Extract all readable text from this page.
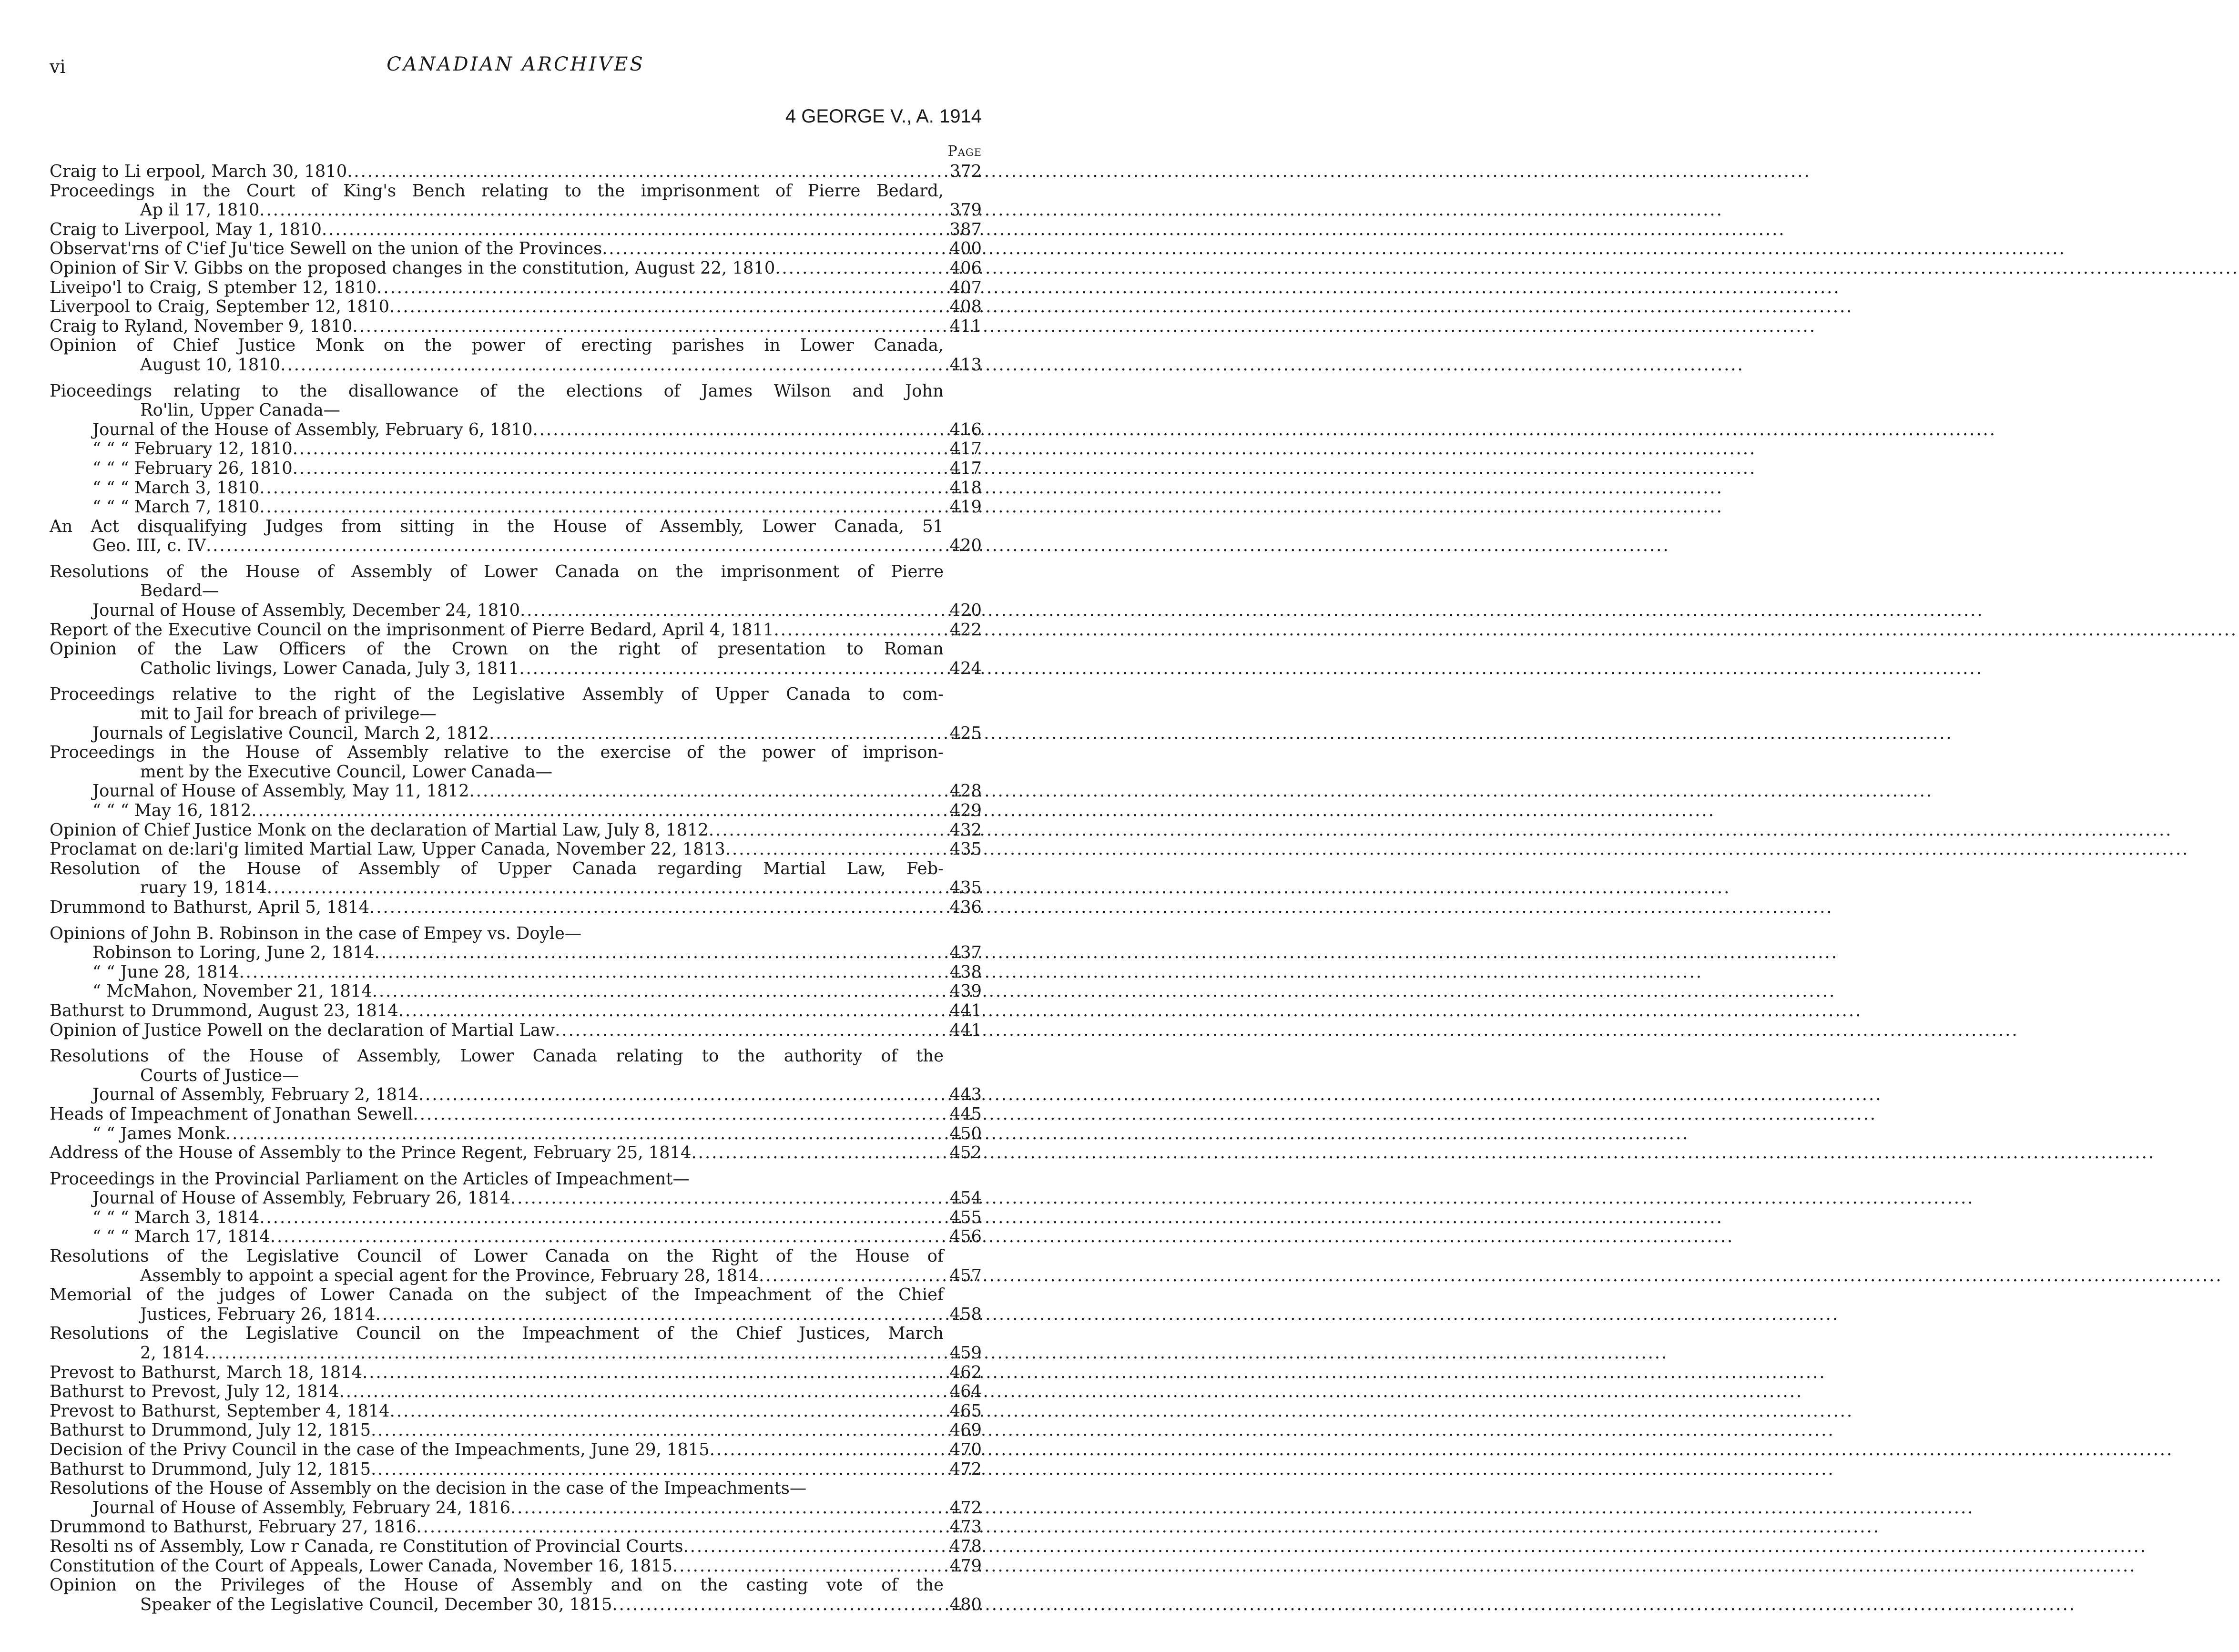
vi	CANADIAN ARCHIVES
4 GEORGE V., A. 1914
Page
Craig to Li erpool, March 30, 1810 .....	372
Proceedings in the Court of King's Bench relating to the imprisonment of Pierre Bedard,
Ap il 17, 1810 .....	379
Craig to Liverpool, May 1, 1810 .....	387
Observat'rns of C'ief Ju'tice Sewell on the union of the Provinces .....	400
Opinion of Sir V. Gibbs on the proposed changes in the constitution, August 22, 1810 .....	406
Liveipo'l to Craig, S ptember 12, 1810 .....	407
Liverpool to Craig, September 12, 1810 .....	408
Craig to Ryland, November 9, 1810 .....	411
Opinion of Chief Justice Monk on the power of erecting parishes in Lower Canada,
August 10, 1810 .....	413
Pioceedings relating to the disallowance of the elections of James Wilson and John
Ro'lin, Upper Canada—
Journal of the House of Assembly, February 6, 1810 .....	416
“ “ “ February 12, 1810 .....	417
“ “ “ February 26, 1810 .....	417
“ “ “ March 3, 1810 .....	418
“ “ “ March 7, 1810 .....	419
An Act disqualifying Judges from sitting in the House of Assembly, Lower Canada, 51
Geo. III, c. IV .....	420
Resolutions of the House of Assembly of Lower Canada on the imprisonment of Pierre
Bedard—
Journal of House of Assembly, December 24, 1810 .....	420
Report of the Executive Council on the imprisonment of Pierre Bedard, April 4, 1811 .....	422
Opinion of the Law Officers of the Crown on the right of presentation to Roman
Catholic livings, Lower Canada, July 3, 1811 .....	424
Proceedings relative to the right of the Legislative Assembly of Upper Canada to com-
mit to Jail for breach of privilege—
Journals of Legislative Council, March 2, 1812 .....	425
Proceedings in the House of Assembly relative to the exercise of the power of imprison-
ment by the Executive Council, Lower Canada—
Journal of House of Assembly, May 11, 1812 .....	428
“ “ “ May 16, 1812 .....	429
Opinion of Chief Justice Monk on the declaration of Martial Law, July 8, 1812 .....	432
Proclamat on de:lari'g limited Martial Law, Upper Canada, November 22, 1813 .....	435
Resolution of the House of Assembly of Upper Canada regarding Martial Law, Feb-
ruary 19, 1814 .....	435
Drummond to Bathurst, April 5, 1814 .....	436
Opinions of John B. Robinson in the case of Empey vs. Doyle—
Robinson to Loring, June 2, 1814 .....	437
“ “ June 28, 1814 .....	438
“ McMahon, November 21, 1814 .....	439
Bathurst to Drummond, August 23, 1814 .....	441
Opinion of Justice Powell on the declaration of Martial Law .....	441
Resolutions of the House of Assembly, Lower Canada relating to the authority of the
Courts of Justice—
Journal of Assembly, February 2, 1814 .....	443
Heads of Impeachment of Jonathan Sewell .....	445
“ “ James Monk .....	450
Address of the House of Assembly to the Prince Regent, February 25, 1814 .....	452
Proceedings in the Provincial Parliament on the Articles of Impeachment—
Journal of House of Assembly, February 26, 1814 .....	454
“ “ “ March 3, 1814 .....	455
“ “ “ March 17, 1814 .....	456
Resolutions of the Legislative Council of Lower Canada on the Right of the House of
Assembly to appoint a special agent for the Province, February 28, 1814 .....	457
Memorial of the judges of Lower Canada on the subject of the Impeachment of the Chief
Justices, February 26, 1814 .....	458
Resolutions of the Legislative Council on the Impeachment of the Chief Justices, March
2, 1814 .....	459
Prevost to Bathurst, March 18, 1814 .....	462
Bathurst to Prevost, July 12, 1814 .....	464
Prevost to Bathurst, September 4, 1814 .....	465
Bathurst to Drummond, July 12, 1815 .....	469
Decision of the Privy Council in the case of the Impeachments, June 29, 1815 .....	470
Bathurst to Drummond, July 12, 1815 .....	472
Resolutions of the House of Assembly on the decision in the case of the Impeachments—
Journal of House of Assembly, February 24, 1816 .....	472
Drummond to Bathurst, February 27, 1816 .....	473
Resolti ns of Assembly, Low r Canada, re Constitution of Provincial Courts .....	478
Constitution of the Court of Appeals, Lower Canada, November 16, 1815 .....	479
Opinion on the Privileges of the House of Assembly and on the casting vote of the
Speaker of the Legislative Council, December 30, 1815 .....	480
